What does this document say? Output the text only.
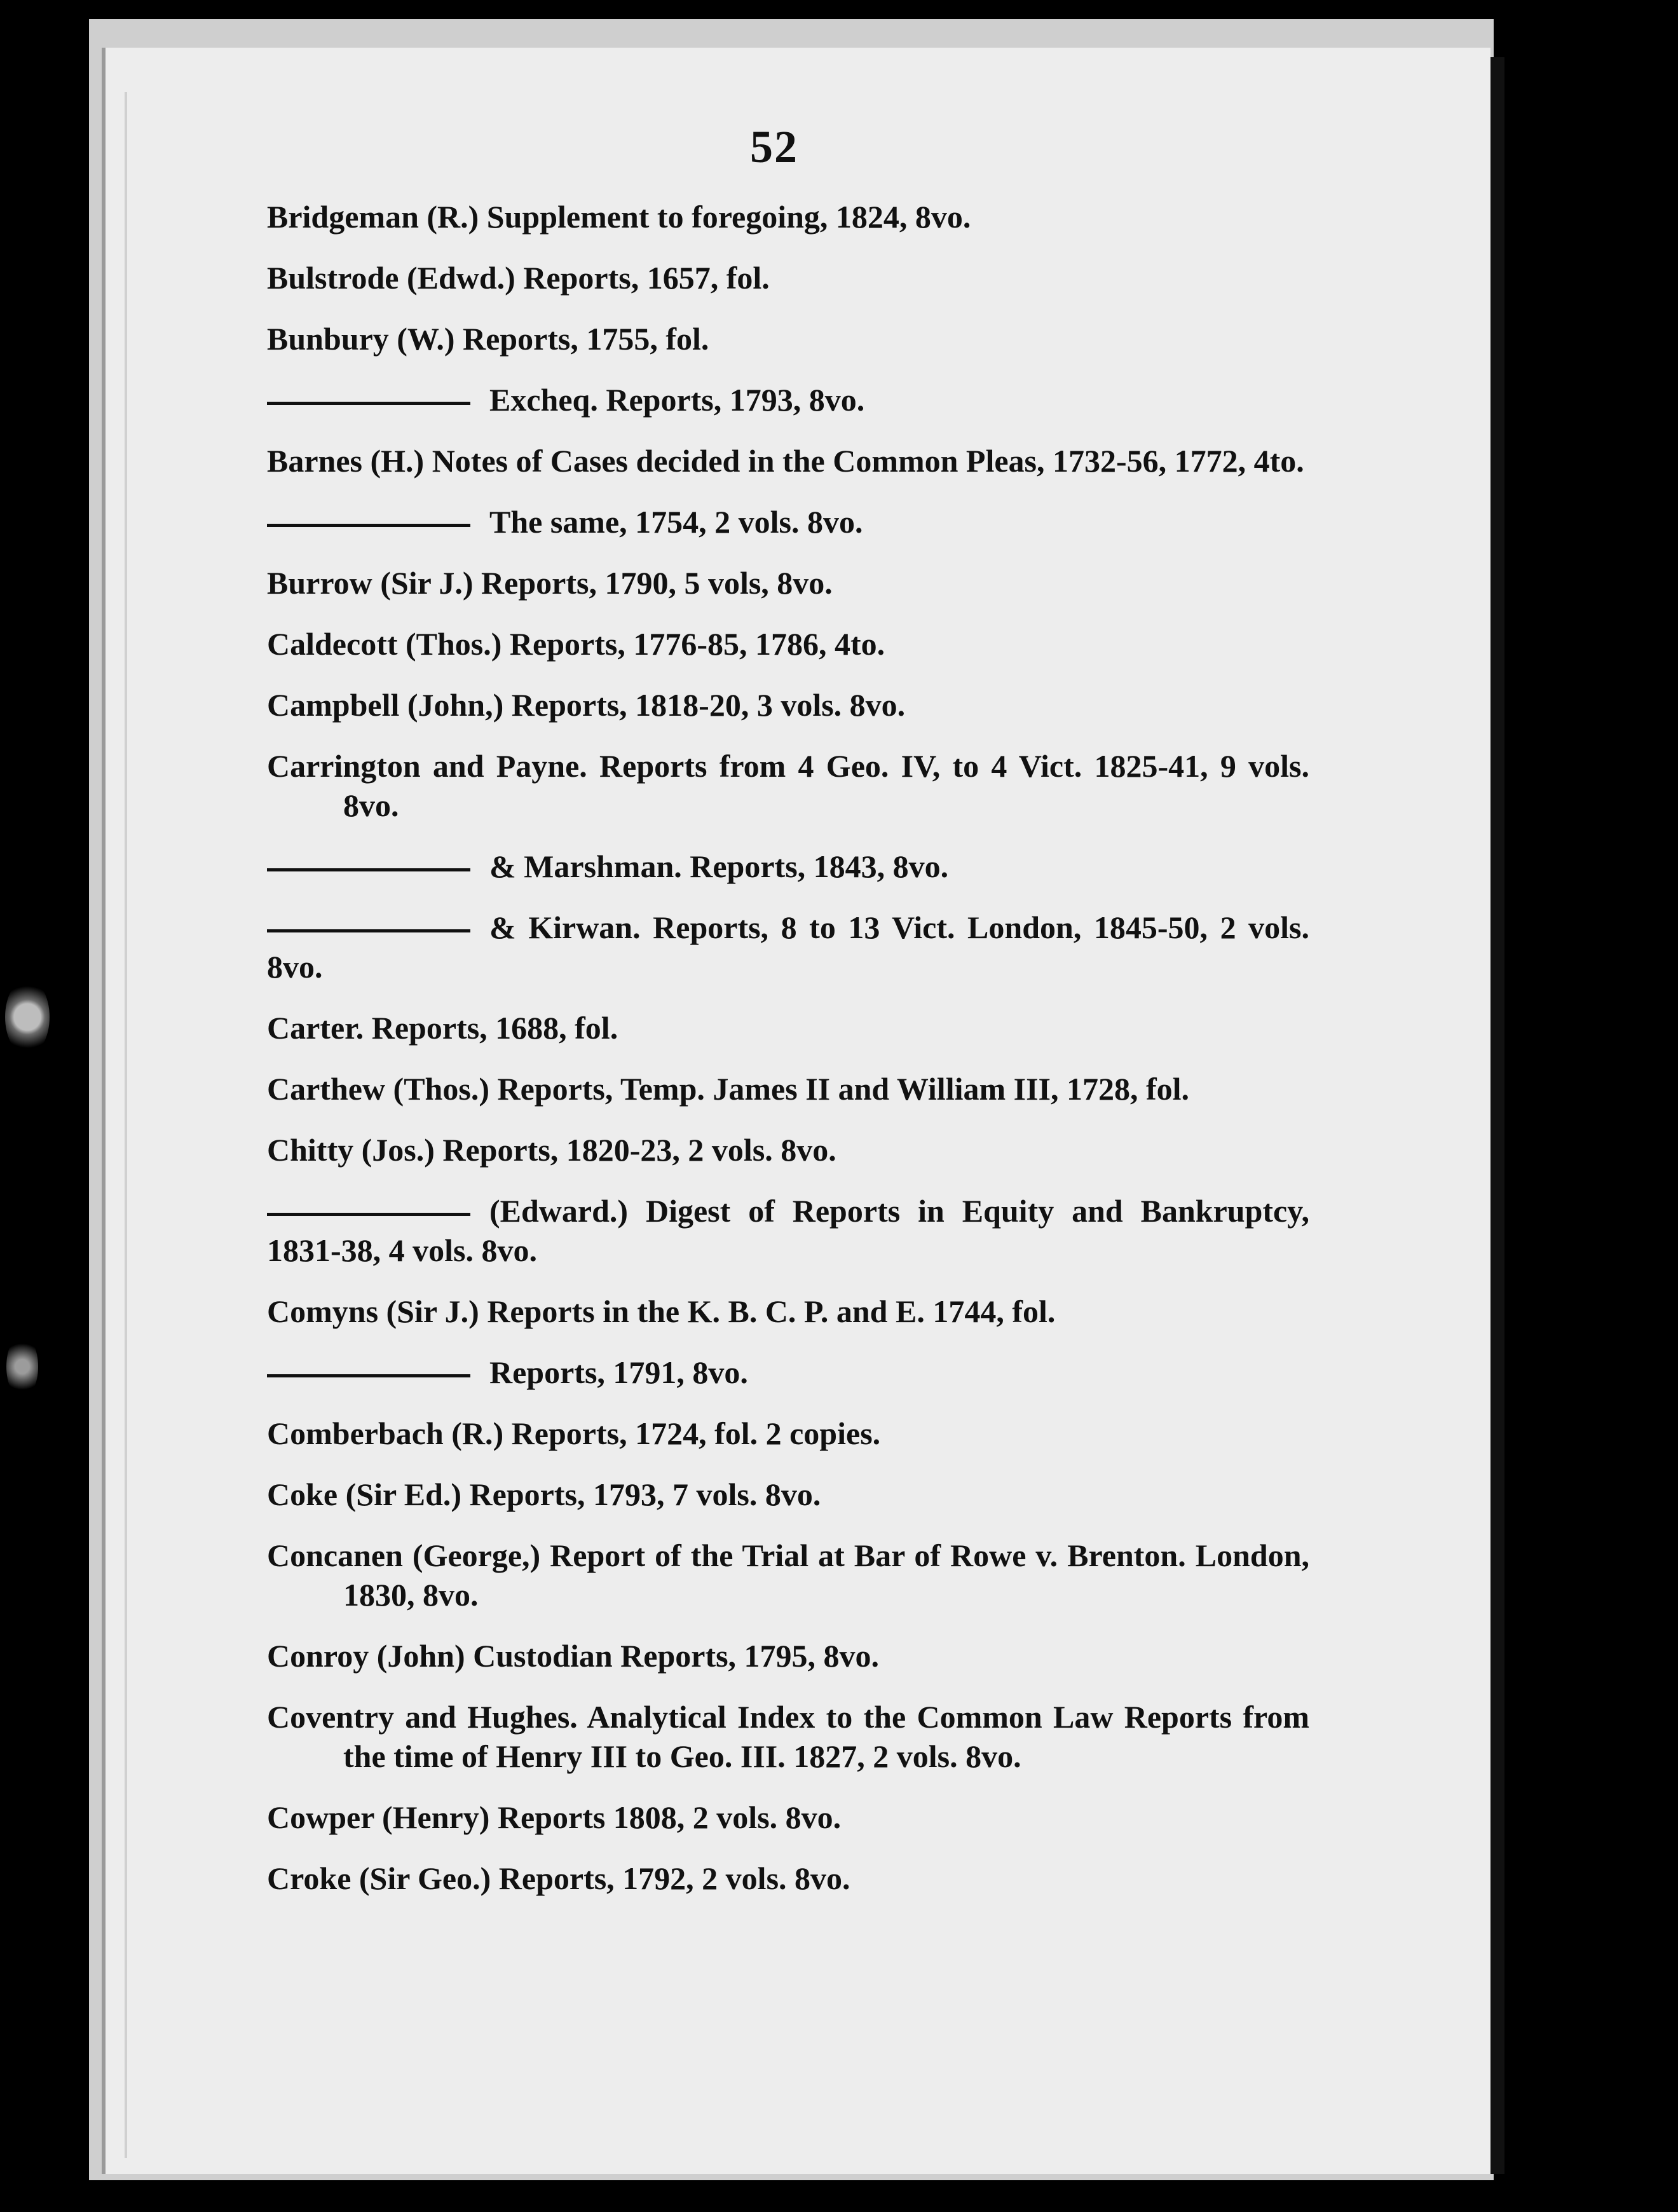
52
Bridgeman (R.) Supplement to foregoing, 1824, 8vo.
Bulstrode (Edwd.) Reports, 1657, fol.
Bunbury (W.) Reports, 1755, fol.
Excheq. Reports, 1793, 8vo.
Barnes (H.) Notes of Cases decided in the Common Pleas, 1732-56, 1772, 4to.
The same, 1754, 2 vols. 8vo.
Burrow (Sir J.) Reports, 1790, 5 vols, 8vo.
Caldecott (Thos.) Reports, 1776-85, 1786, 4to.
Campbell (John,) Reports, 1818-20, 3 vols. 8vo.
Carrington and Payne. Reports from 4 Geo. IV, to 4 Vict. 1825-41, 9 vols. 8vo.
& Marshman. Reports, 1843, 8vo.
& Kirwan. Reports, 8 to 13 Vict. London, 1845-50, 2 vols. 8vo.
Carter. Reports, 1688, fol.
Carthew (Thos.) Reports, Temp. James II and William III, 1728, fol.
Chitty (Jos.) Reports, 1820-23, 2 vols. 8vo.
(Edward.) Digest of Reports in Equity and Bankruptcy, 1831-38, 4 vols. 8vo.
Comyns (Sir J.) Reports in the K. B. C. P. and E. 1744, fol.
Reports, 1791, 8vo.
Comberbach (R.) Reports, 1724, fol. 2 copies.
Coke (Sir Ed.) Reports, 1793, 7 vols. 8vo.
Concanen (George,) Report of the Trial at Bar of Rowe v. Brenton. London, 1830, 8vo.
Conroy (John) Custodian Reports, 1795, 8vo.
Coventry and Hughes. Analytical Index to the Common Law Reports from the time of Henry III to Geo. III. 1827, 2 vols. 8vo.
Cowper (Henry) Reports 1808, 2 vols. 8vo.
Croke (Sir Geo.) Reports, 1792, 2 vols. 8vo.
